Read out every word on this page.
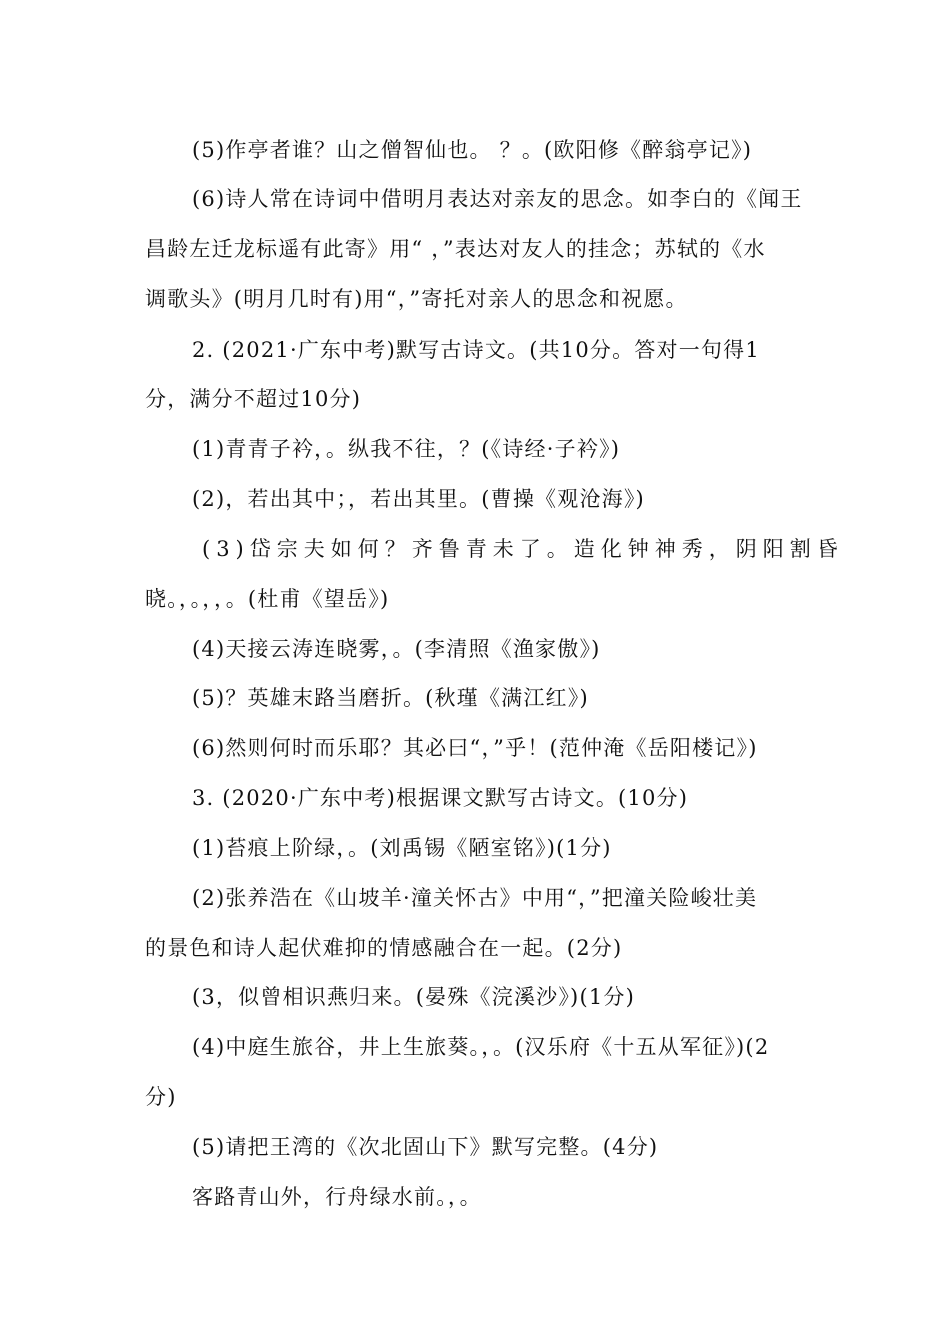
(5)作亭者谁？山之僧智仙也。 ？。(欧阳修《醉翁亭记》)
(6)诗人常在诗词中借明月表达对亲友的思念。如李白的《闻王
昌龄左迁龙标遥有此寄》用“ ，”表达对友人的挂念；苏轼的《水
调歌头》(明月几时有)用“，”寄托对亲人的思念和祝愿。
2. (2021·广东中考)默写古诗文。(共10分。答对一句得1
分，满分不超过10分)
(1)青青子衿，。纵我不往，？(《诗经·子衿》)
(2)，若出其中；，若出其里。(曹操《观沧海》)
(3)岱宗夫如何？齐鲁青未了。造化钟神秀，阴阳割昏
晓。，。，，。(杜甫《望岳》)
(4)天接云涛连晓雾，。(李清照《渔家傲》)
(5)？英雄末路当磨折。(秋瑾《满江红》)
(6)然则何时而乐耶？其必曰“，”乎！(范仲淹《岳阳楼记》)
3. (2020·广东中考)根据课文默写古诗文。(10分)
(1)苔痕上阶绿，。(刘禹锡《陋室铭》)(1分)
(2)张养浩在《山坡羊·潼关怀古》中用“，”把潼关险峻壮美
的景色和诗人起伏难抑的情感融合在一起。(2分)
(3，似曾相识燕归来。(晏殊《浣溪沙》)(1分)
(4)中庭生旅谷，井上生旅葵。，。(汉乐府《十五从军征》)(2
分)
(5)请把王湾的《次北固山下》默写完整。(4分)
客路青山外，行舟绿水前。，。
